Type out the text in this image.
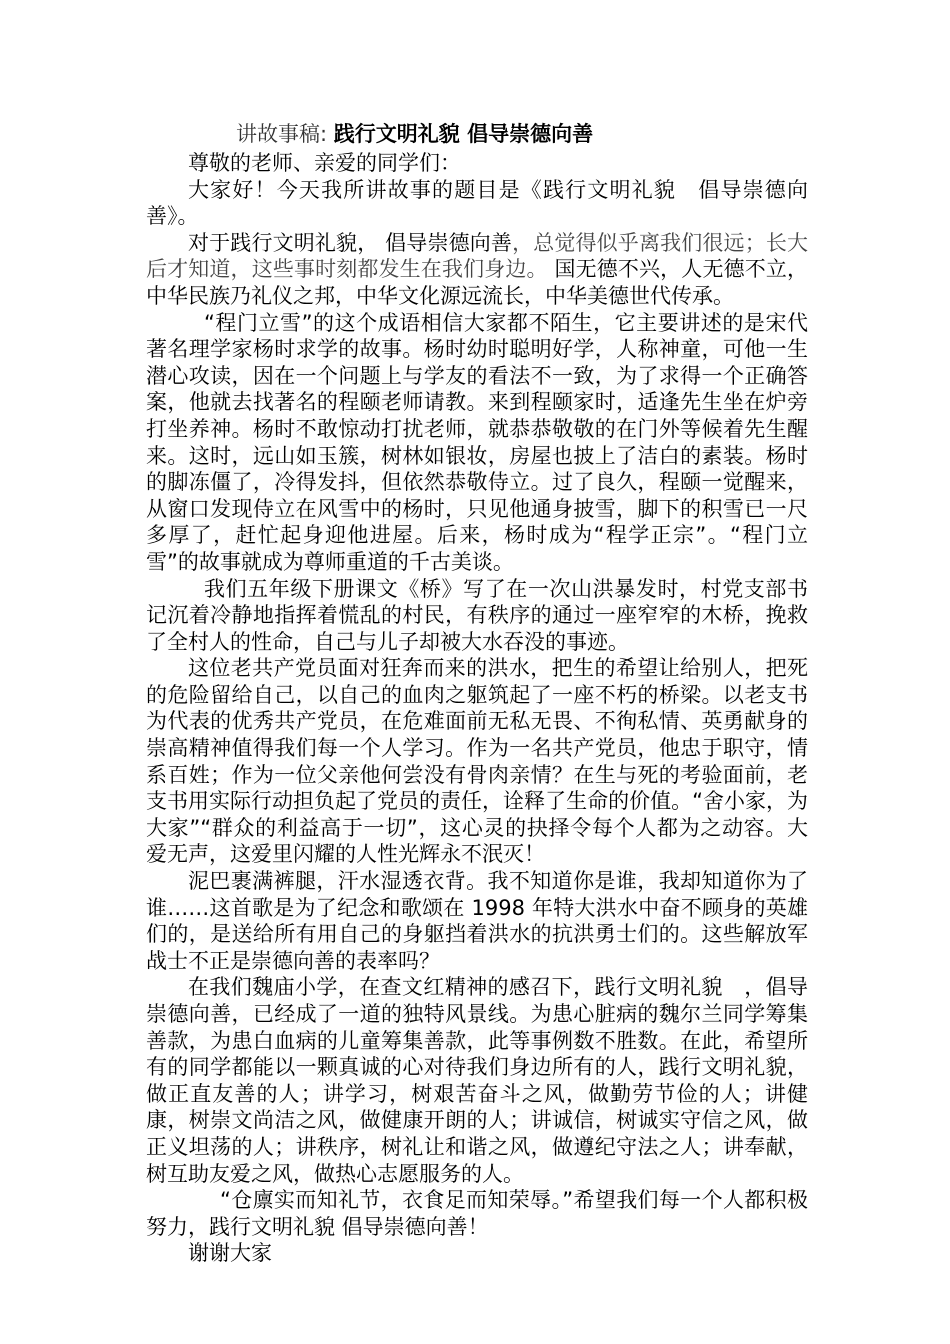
讲故事稿: 践行文明礼貌 倡导崇德向善

尊敬的老师、亲爱的同学们：

大家好！今天我所讲故事的题目是《践行文明礼貌　倡导崇德向善》。

对于践行文明礼貌， 倡导崇德向善，总觉得似乎离我们很远；长大后才知道，这些事时刻都发生在我们身边。 国无德不兴，人无德不立，中华民族乃礼仪之邦，中华文化源远流长，中华美德世代传承。

“程门立雪”的这个成语相信大家都不陌生，它主要讲述的是宋代著名理学家杨时求学的故事。杨时幼时聪明好学，人称神童，可他一生潜心攻读，因在一个问题上与学友的看法不一致，为了求得一个正确答案，他就去找著名的程颐老师请教。来到程颐家时，适逢先生坐在炉旁打坐养神。杨时不敢惊动打扰老师，就恭恭敬敬的在门外等候着先生醒来。这时，远山如玉簇，树林如银妆，房屋也披上了洁白的素装。杨时的脚冻僵了，冷得发抖，但依然恭敬侍立。过了良久，程颐一觉醒来，从窗口发现侍立在风雪中的杨时，只见他通身披雪，脚下的积雪已一尺多厚了，赶忙起身迎他进屋。后来，杨时成为“程学正宗”。“程门立雪”的故事就成为尊师重道的千古美谈。

我们五年级下册课文《桥》写了在一次山洪暴发时，村党支部书记沉着冷静地指挥着慌乱的村民，有秩序的通过一座窄窄的木桥，挽救了全村人的性命，自己与儿子却被大水吞没的事迹。

这位老共产党员面对狂奔而来的洪水，把生的希望让给别人，把死的危险留给自己，以自己的血肉之躯筑起了一座不朽的桥梁。以老支书为代表的优秀共产党员，在危难面前无私无畏、不徇私情、英勇献身的崇高精神值得我们每一个人学习。作为一名共产党员，他忠于职守，情系百姓；作为一位父亲他何尝没有骨肉亲情？在生与死的考验面前，老支书用实际行动担负起了党员的责任，诠释了生命的价值。“舍小家，为大家”“群众的利益高于一切”，这心灵的抉择令每个人都为之动容。大爱无声，这爱里闪耀的人性光辉永不泯灭！

泥巴裹满裤腿，汗水湿透衣背。我不知道你是谁，我却知道你为了谁……这首歌是为了纪念和歌颂在 1998 年特大洪水中奋不顾身的英雄们的，是送给所有用自己的身躯挡着洪水的抗洪勇士们的。这些解放军战士不正是崇德向善的表率吗？

在我们魏庙小学，在查文红精神的感召下，践行文明礼貌　，倡导崇德向善，已经成了一道的独特风景线。为患心脏病的魏尔兰同学筹集善款，为患白血病的儿童筹集善款，此等事例数不胜数。在此，希望所有的同学都能以一颗真诚的心对待我们身边所有的人，践行文明礼貌，做正直友善的人；讲学习，树艰苦奋斗之风，做勤劳节俭的人；讲健康，树崇文尚洁之风，做健康开朗的人；讲诚信，树诚实守信之风，做正义坦荡的人；讲秩序，树礼让和谐之风，做遵纪守法之人；讲奉献，树互助友爱之风，做热心志愿服务的人。

“仓廪实而知礼节，衣食足而知荣辱。”希望我们每一个人都积极努力，践行文明礼貌 倡导崇德向善！

谢谢大家
